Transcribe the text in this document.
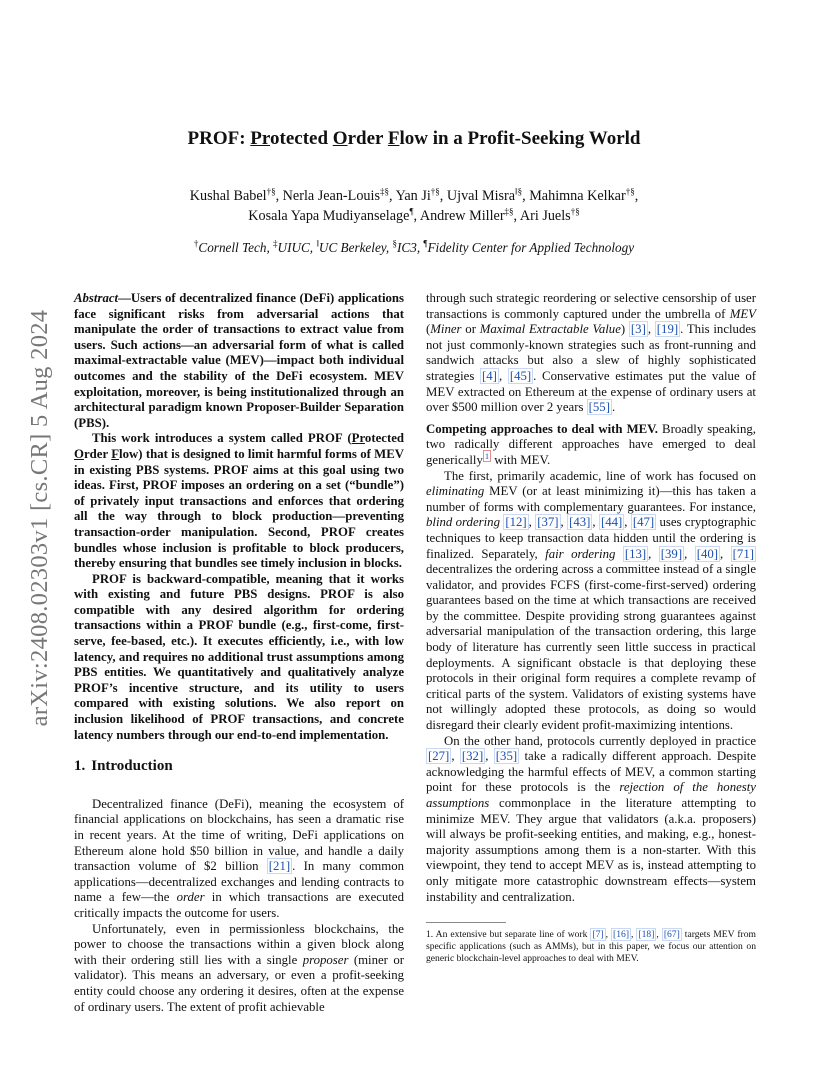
arXiv:2408.02303v1 [cs.CR] 5 Aug 2024
PROF: Protected Order Flow in a Profit-Seeking World
Kushal Babel†§, Nerla Jean-Louis‡§, Yan Ji†§, Ujval Misra‖§, Mahimna Kelkar†§,
Kosala Yapa Mudiyanselage¶, Andrew Miller‡§, Ari Juels†§
†Cornell Tech, ‡UIUC, ‖UC Berkeley, §IC3, ¶Fidelity Center for Applied Technology

Abstract—Users of decentralized finance (DeFi) applications face significant risks from adversarial actions that manipulate the order of transactions to extract value from users. Such actions—an adversarial form of what is called maximal-extractable value (MEV)—impact both individual outcomes and the stability of the DeFi ecosystem. MEV exploitation, moreover, is being institutionalized through an architectural paradigm known Proposer-Builder Separation (PBS).

This work introduces a system called PROF (Protected Order Flow) that is designed to limit harmful forms of MEV in existing PBS systems. PROF aims at this goal using two ideas. First, PROF imposes an ordering on a set (“bundle”) of privately input transactions and enforces that ordering all the way through to block production—preventing transaction-order manipulation. Second, PROF creates bundles whose inclusion is profitable to block producers, thereby ensuring that bundles see timely inclusion in blocks.

PROF is backward-compatible, meaning that it works with existing and future PBS designs. PROF is also compatible with any desired algorithm for ordering transactions within a PROF bundle (e.g., first-come, first-serve, fee-based, etc.). It executes efficiently, i.e., with low latency, and requires no additional trust assumptions among PBS entities. We quantitatively and qualitatively analyze PROF’s incentive structure, and its utility to users compared with existing solutions. We also report on inclusion likelihood of PROF transactions, and concrete latency numbers through our end-to-end implementation.

1. Introduction

Decentralized finance (DeFi), meaning the ecosystem of financial applications on blockchains, has seen a dramatic rise in recent years. At the time of writing, DeFi applications on Ethereum alone hold $50 billion in value, and handle a daily transaction volume of $2 billion [21] . In many common applications—decentralized exchanges and lending contracts to name a few—the order in which transactions are executed critically impacts the outcome for users.

Unfortunately, even in permissionless blockchains, the power to choose the transactions within a given block along with their ordering still lies with a single proposer (miner or validator). This means an adversary, or even a profit-seeking entity could choose any ordering it desires, often at the expense of ordinary users. The extent of profit achievable

through such strategic reordering or selective censorship of user transactions is commonly captured under the umbrella of MEV (Miner or Maximal Extractable Value) [3] , [19] . This includes not just commonly-known strategies such as front-running and sandwich attacks but also a slew of highly sophisticated strategies [4] , [45] . Conservative estimates put the value of MEV extracted on Ethereum at the expense of ordinary users at over $500 million over 2 years [55] .

Competing approaches to deal with MEV. Broadly speaking, two radically different approaches have emerged to deal generically $^1$ with MEV.

The first, primarily academic, line of work has focused on eliminating MEV (or at least minimizing it)—this has taken a number of forms with complementary guarantees. For instance, blind ordering [12] , [37] , [43] , [44] , [47] uses cryptographic techniques to keep transaction data hidden until the ordering is finalized. Separately, fair ordering [13] , [39] , [40] , [71] decentralizes the ordering across a committee instead of a single validator, and provides FCFS (first-come-first-served) ordering guarantees based on the time at which transactions are received by the committee. Despite providing strong guarantees against adversarial manipulation of the transaction ordering, this large body of literature has currently seen little success in practical deployments. A significant obstacle is that deploying these protocols in their original form requires a complete revamp of critical parts of the system. Validators of existing systems have not willingly adopted these protocols, as doing so would disregard their clearly evident profit-maximizing intentions.

On the other hand, protocols currently deployed in practice [27] , [32] , [35] take a radically different approach. Despite acknowledging the harmful effects of MEV, a common starting point for these protocols is the rejection of the honesty assumptions commonplace in the literature attempting to minimize MEV. They argue that validators (a.k.a. proposers) will always be profit-seeking entities, and making, e.g., honest-majority assumptions among them is a non-starter. With this viewpoint, they tend to accept MEV as is, instead attempting to only mitigate more catastrophic downstream effects—system instability and centralization.

1. An extensive but separate line of work [7] , [16] , [18] , [67] targets MEV from specific applications (such as AMMs), but in this paper, we focus our attention on generic blockchain-level approaches to deal with MEV.
